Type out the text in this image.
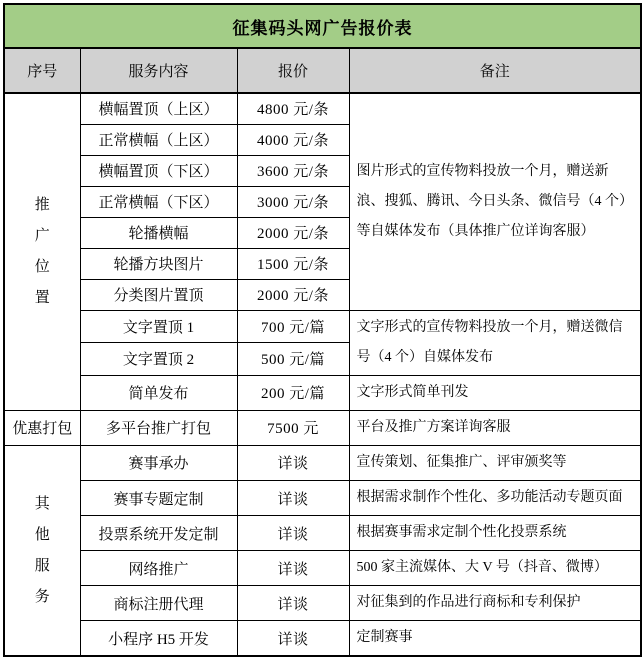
征集码头网广告报价表			
序号	服务内容	报价	备注
推广位置	横幅置顶（上区）	4800 元/条	图片形式的宣传物料投放一个月，赠送新浪、搜狐、腾讯、今日头条、微信号（4 个）等自媒体发布（具体推广位详询客服）
	正常横幅（上区）	4000 元/条	
	横幅置顶（下区）	3600 元/条	
	正常横幅（下区）	3000 元/条	
	轮播横幅	2000 元/条	
	轮播方块图片	1500 元/条	
	分类图片置顶	2000 元/条	
	文字置顶 1	700 元/篇	文字形式的宣传物料投放一个月，赠送微信号（4 个）自媒体发布
	文字置顶 2	500 元/篇	
	简单发布	200 元/篇	文字形式简单刊发
优惠打包	多平台推广打包	7500 元	平台及推广方案详询客服
其他服务	赛事承办	详谈	宣传策划、征集推广、评审颁奖等
	赛事专题定制	详谈	根据需求制作个性化、多功能活动专题页面
	投票系统开发定制	详谈	根据赛事需求定制个性化投票系统
	网络推广	详谈	500 家主流媒体、大 V 号（抖音、微博）
	商标注册代理	详谈	对征集到的作品进行商标和专利保护
	小程序 H5 开发	详谈	定制赛事
